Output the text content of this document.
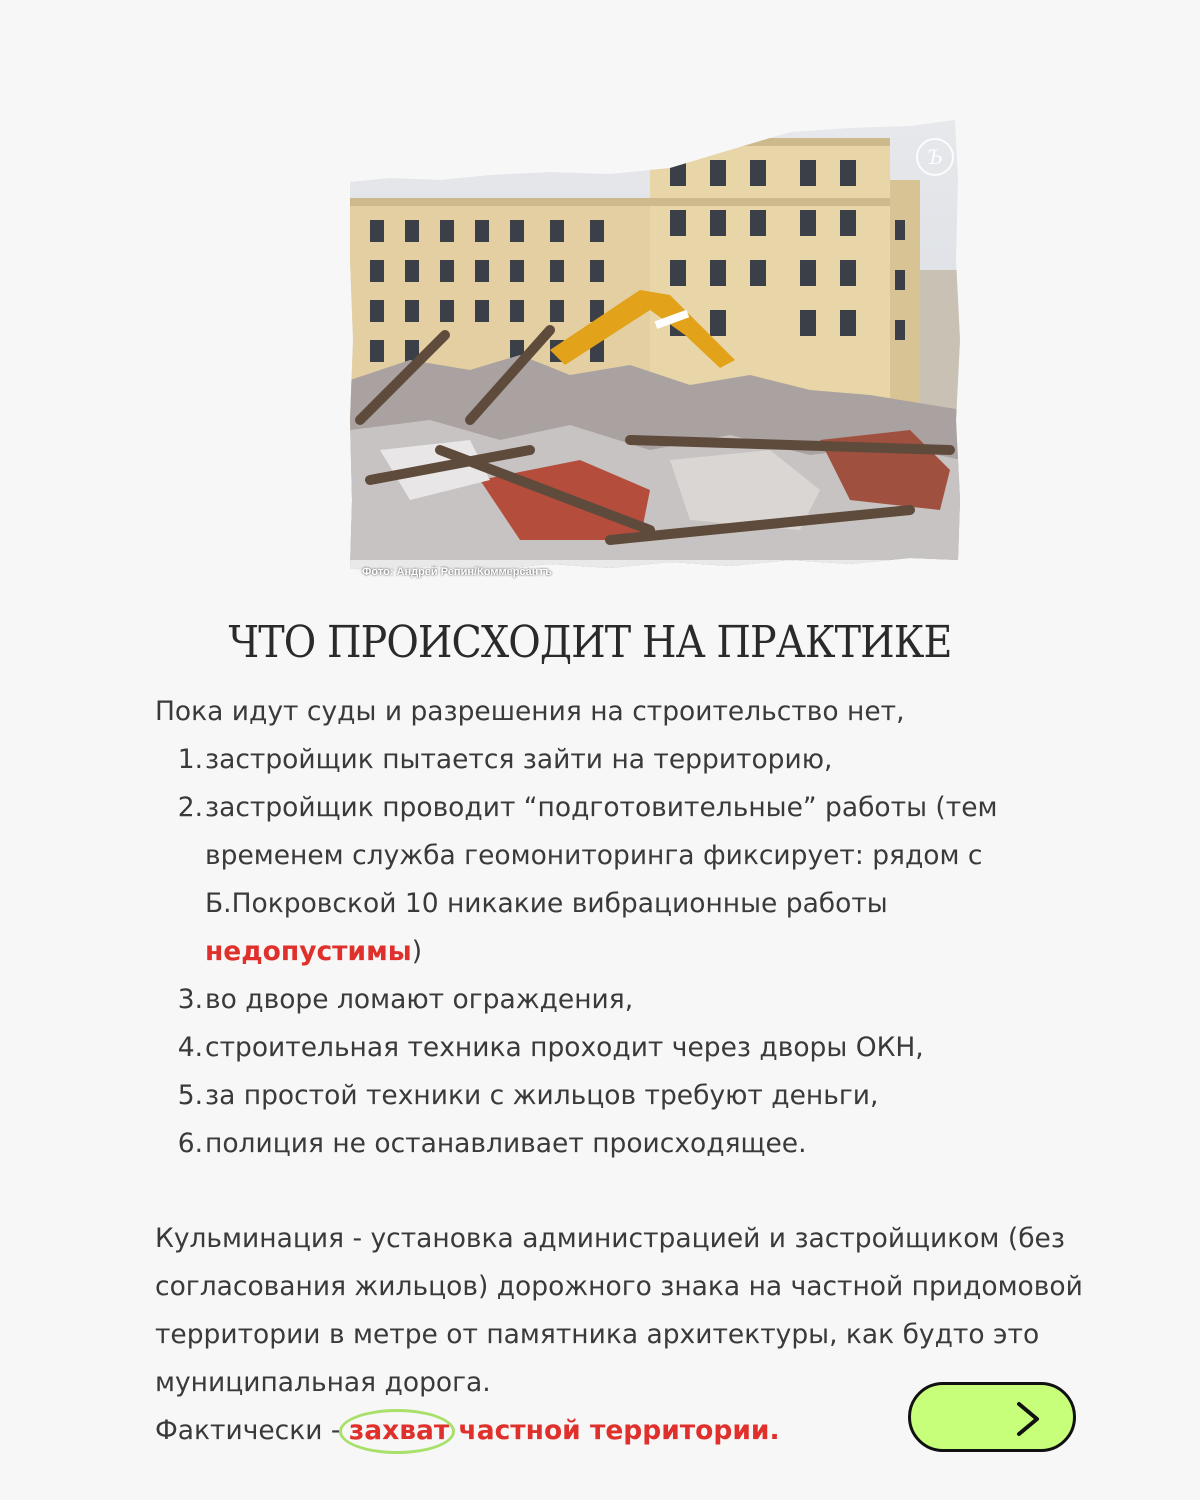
Ъ
Фото: Андрей Репин/Коммерсантъ
ЧТО ПРОИСХОДИТ НА ПРАКТИКЕ
Пока идут суды и разрешения на строительство нет,
1. застройщик пытается зайти на территорию,
2. застройщик проводит “подготовительные” работы (тем временем служба геомониторинга фиксирует: рядом с Б.Покровской 10 никакие вибрационные работы недопустимы)
3. во дворе ломают ограждения,
4. строительная техника проходит через дворы ОКН,
5. за простой техники с жильцов требуют деньги,
6. полиция не останавливает происходящее.
Кульминация - установка администрацией и застройщиком (без согласования жильцов) дорожного знака на частной придомовой территории в метре от памятника архитектуры, как будто это муниципальная дорога.
Фактически - захват частной территории.
